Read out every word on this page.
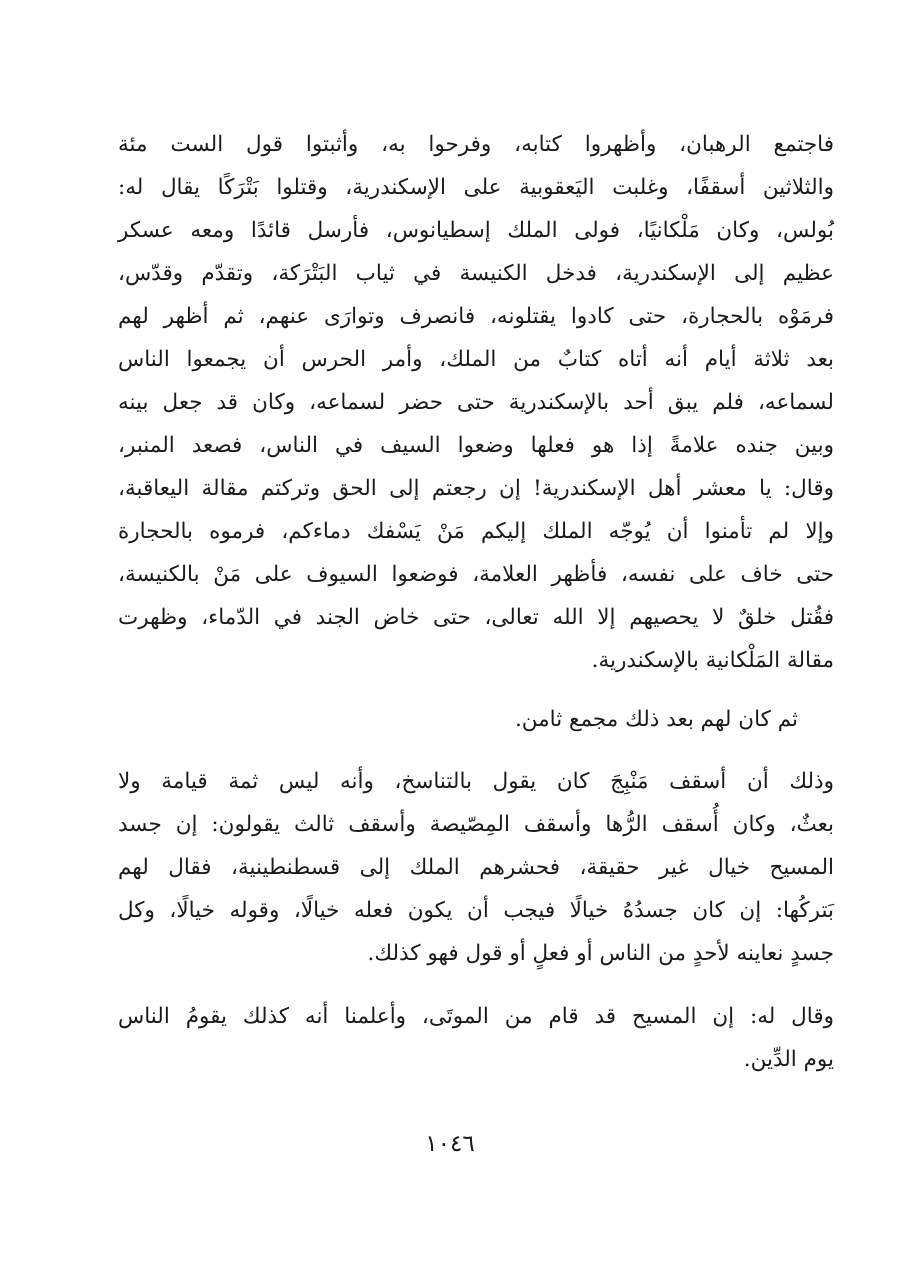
فاجتمع الرهبان، وأظهروا كتابه، وفرحوا به، وأثبتوا قول الست مئة
والثلاثين أسقفًا، وغلبت اليَعقوبية على الإسكندرية، وقتلوا بَتْرَكًا يقال له:
بُولس، وكان مَلْكانيًا، فولى الملك إسطيانوس، فأرسل قائدًا ومعه عسكر
عظيم إلى الإسكندرية، فدخل الكنيسة في ثياب البَتْرَكة، وتقدّم وقدّس،
فرمَوْه بالحجارة، حتى كادوا يقتلونه، فانصرف وتوارَى عنهم، ثم أظهر لهم
بعد ثلاثة أيام أنه أتاه كتابٌ من الملك، وأمر الحرس أن يجمعوا الناس
لسماعه، فلم يبق أحد بالإسكندرية حتى حضر لسماعه، وكان قد جعل بينه
وبين جنده علامةً إذا هو فعلها وضعوا السيف في الناس، فصعد المنبر،
وقال: يا معشر أهل الإسكندرية! إن رجعتم إلى الحق وتركتم مقالة اليعاقبة،
وإلا لم تأمنوا أن يُوجّه الملك إليكم مَنْ يَسْفك دماءكم، فرموه بالحجارة
حتى خاف على نفسه، فأظهر العلامة، فوضعوا السيوف على مَنْ بالكنيسة،
فقُتل خلقٌ لا يحصيهم إلا الله تعالى، حتى خاض الجند في الدّماء، وظهرت
مقالة المَلْكانية بالإسكندرية.
ثم كان لهم بعد ذلك مجمع ثامن.
وذلك أن أسقف مَنْبِجَ كان يقول بالتناسخ، وأنه ليس ثمة قيامة ولا
بعثٌ، وكان أُسقف الرُّها وأسقف المِصّيصة وأسقف ثالث يقولون: إن جسد
المسيح خيال غير حقيقة، فحشرهم الملك إلى قسطنطينية، فقال لهم
بَتركُها: إن كان جسدُهُ خيالًا فيجب أن يكون فعله خيالًا، وقوله خيالًا، وكل
جسدٍ نعاينه لأحدٍ من الناس أو فعلٍ أو قول فهو كذلك.
وقال له: إن المسيح قد قام من الموتَى، وأعلمنا أنه كذلك يقومُ الناس
يوم الدِّين.
١٠٤٦
